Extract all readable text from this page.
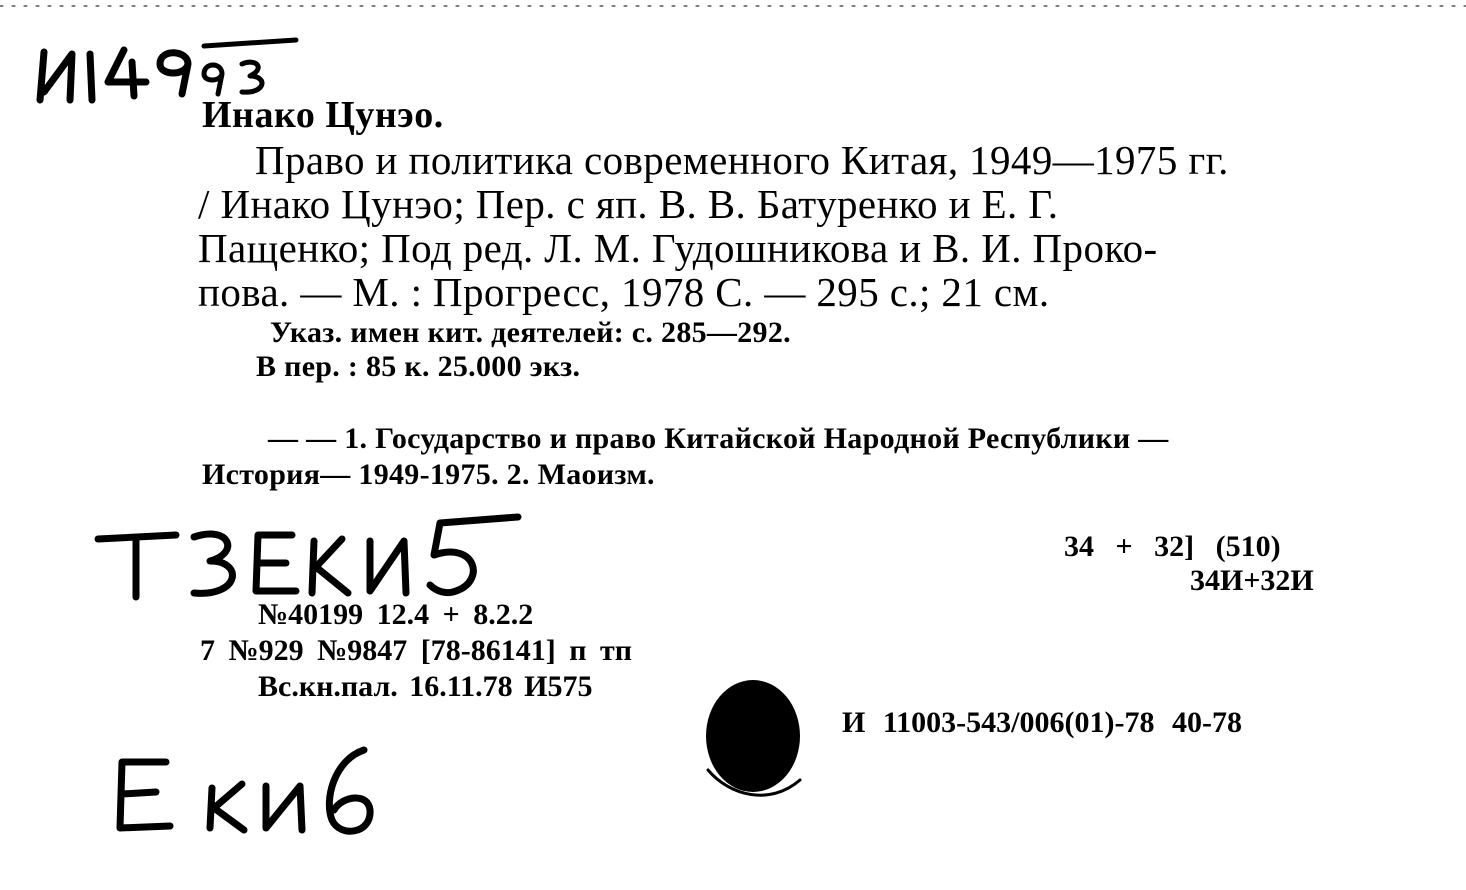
Инако Цунэо.
Право и политика современного Китая, 1949—1975 гг.
/ Инако Цунэо; Пер. с яп. В. В. Батуренко и Е. Г.
Пащенко; Под ред. Л. М. Гудошникова и В. И. Проко-
пова. — М. : Прогресс, 1978 С. — 295 с.; 21 см.
Указ. имен кит. деятелей: с. 285—292.
В пер. : 85 к. 25.000 экз.
— — 1. Государство и право Китайской Народной Республики —
История— 1949-1975. 2. Маоизм.
34 + 32] (510)
34И+32И
№40199 12.4 + 8.2.2
7 №929 №9847 [78-86141] п тп
Вс.кн.пал. 16.11.78 И575
И 11003-543/006(01)-78 40-78
